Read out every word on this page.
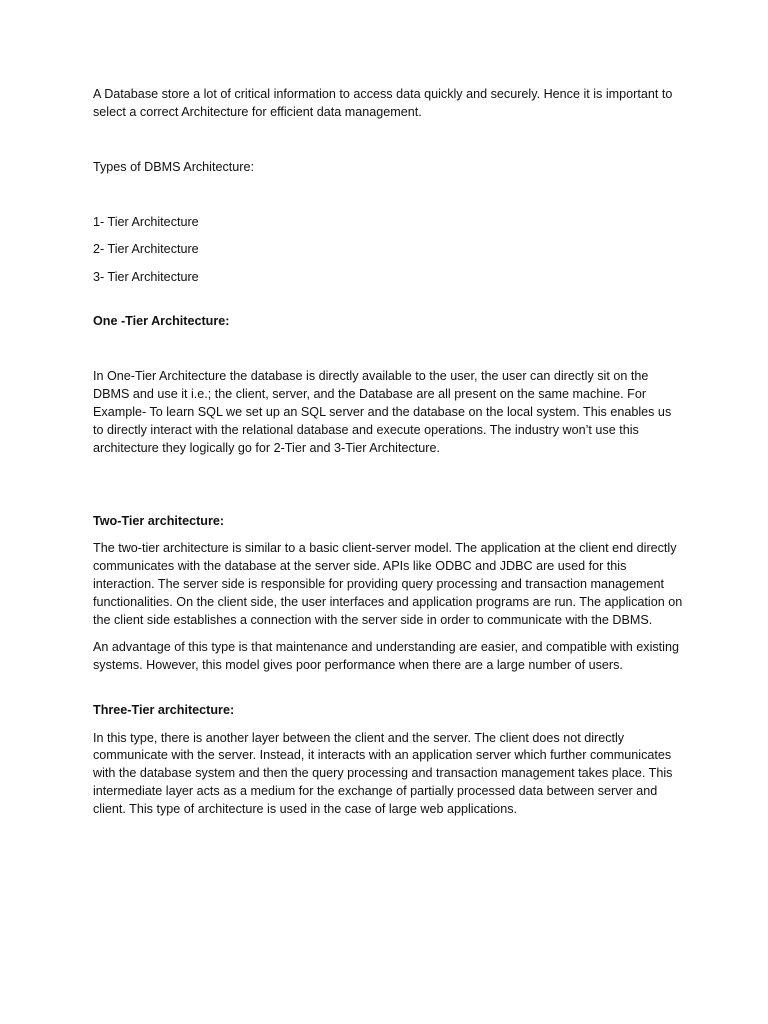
A Database store a lot of critical information to access data quickly and securely. Hence it is important to select a correct Architecture for efficient data management.

Types of DBMS Architecture:

1- Tier Architecture

2- Tier Architecture

3- Tier Architecture

One -Tier Architecture:

In One-Tier Architecture the database is directly available to the user, the user can directly sit on the DBMS and use it i.e.; the client, server, and the Database are all present on the same machine. For Example- To learn SQL we set up an SQL server and the database on the local system. This enables us to directly interact with the relational database and execute operations. The industry won’t use this architecture they logically go for 2-Tier and 3-Tier Architecture.

Two-Tier architecture:

The two-tier architecture is similar to a basic client-server model. The application at the client end directly communicates with the database at the server side. APIs like ODBC and JDBC are used for this interaction. The server side is responsible for providing query processing and transaction management functionalities. On the client side, the user interfaces and application programs are run. The application on the client side establishes a connection with the server side in order to communicate with the DBMS.

An advantage of this type is that maintenance and understanding are easier, and compatible with existing systems. However, this model gives poor performance when there are a large number of users.

Three-Tier architecture:

In this type, there is another layer between the client and the server. The client does not directly communicate with the server. Instead, it interacts with an application server which further communicates with the database system and then the query processing and transaction management takes place. This intermediate layer acts as a medium for the exchange of partially processed data between server and client. This type of architecture is used in the case of large web applications.
